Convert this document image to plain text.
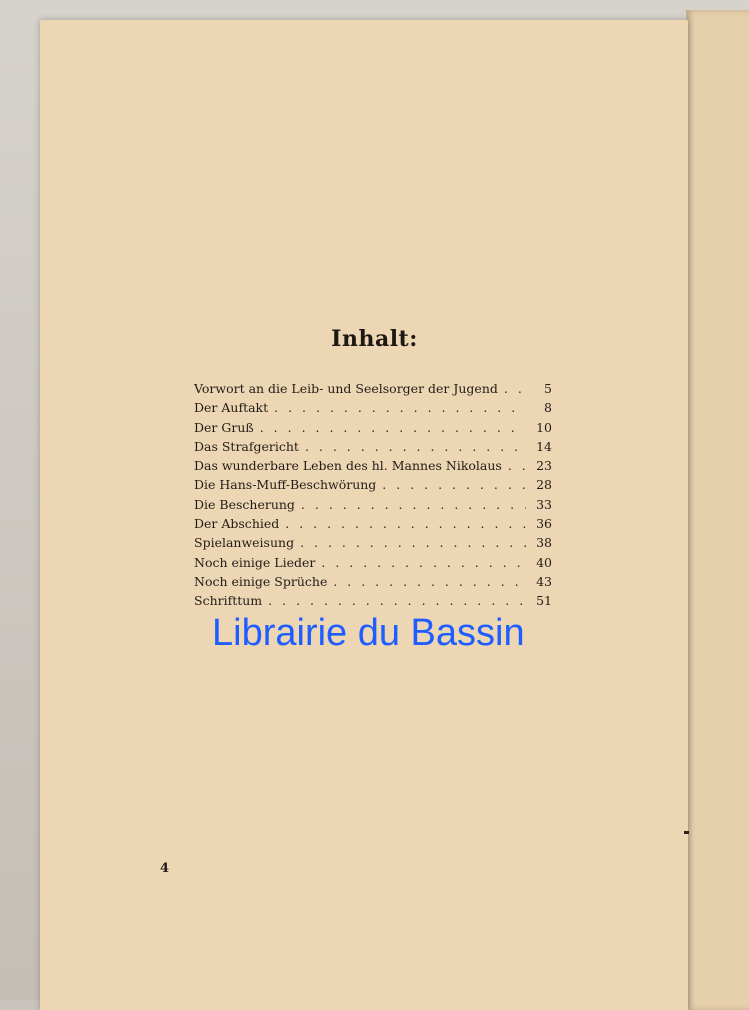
Inhalt:
Vorwort an die Leib- und Seelsorger der Jugend . . .	5
Der Auftakt . . .	8
Der Gruß . . .	10
Das Strafgericht . . .	14
Das wunderbare Leben des hl. Mannes Nikolaus . . .	23
Die Hans-Muff-Beschwörung . . .	28
Die Bescherung . . .	33
Der Abschied . . .	36
Spielanweisung . . .	38
Noch einige Lieder . . .	40
Noch einige Sprüche . . .	43
Schrifttum . . .	51

Librairie du Bassin

4
